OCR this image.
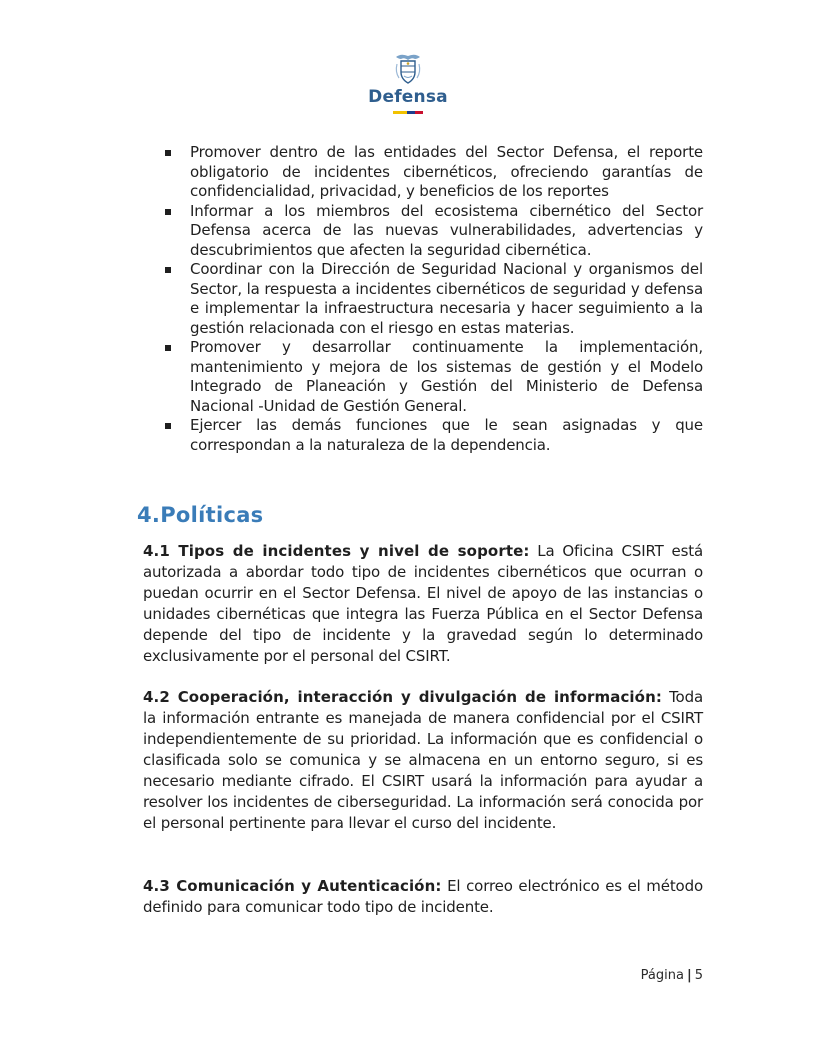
Defensa
Promover dentro de las entidades del Sector Defensa, el reporte obligatorio de incidentes cibernéticos, ofreciendo garantías de confidencialidad, privacidad, y beneficios de los reportes
Informar a los miembros del ecosistema cibernético del Sector Defensa acerca de las nuevas vulnerabilidades, advertencias y descubrimientos que afecten la seguridad cibernética.
Coordinar con la Dirección de Seguridad Nacional y organismos del Sector, la respuesta a incidentes cibernéticos de seguridad y defensa e implementar la infraestructura necesaria y hacer seguimiento a la gestión relacionada con el riesgo en estas materias.
Promover y desarrollar continuamente la implementación, mantenimiento y mejora de los sistemas de gestión y el Modelo Integrado de Planeación y Gestión del Ministerio de Defensa Nacional -Unidad de Gestión General.
Ejercer las demás funciones que le sean asignadas y que correspondan a la naturaleza de la dependencia.
4.Políticas

4.1 Tipos de incidentes y nivel de soporte: La Oficina CSIRT está autorizada a abordar todo tipo de incidentes cibernéticos que ocurran o puedan ocurrir en el Sector Defensa. El nivel de apoyo de las instancias o unidades cibernéticas que integra las Fuerza Pública en el Sector Defensa depende del tipo de incidente y la gravedad según lo determinado exclusivamente por el personal del CSIRT.

4.2 Cooperación, interacción y divulgación de información: Toda la información entrante es manejada de manera confidencial por el CSIRT independientemente de su prioridad. La información que es confidencial o clasificada solo se comunica y se almacena en un entorno seguro, si es necesario mediante cifrado. El CSIRT usará la información para ayudar a resolver los incidentes de ciberseguridad. La información será conocida por el personal pertinente para llevar el curso del incidente.

4.3 Comunicación y Autenticación: El correo electrónico es el método definido para comunicar todo tipo de incidente.

Página | 5
